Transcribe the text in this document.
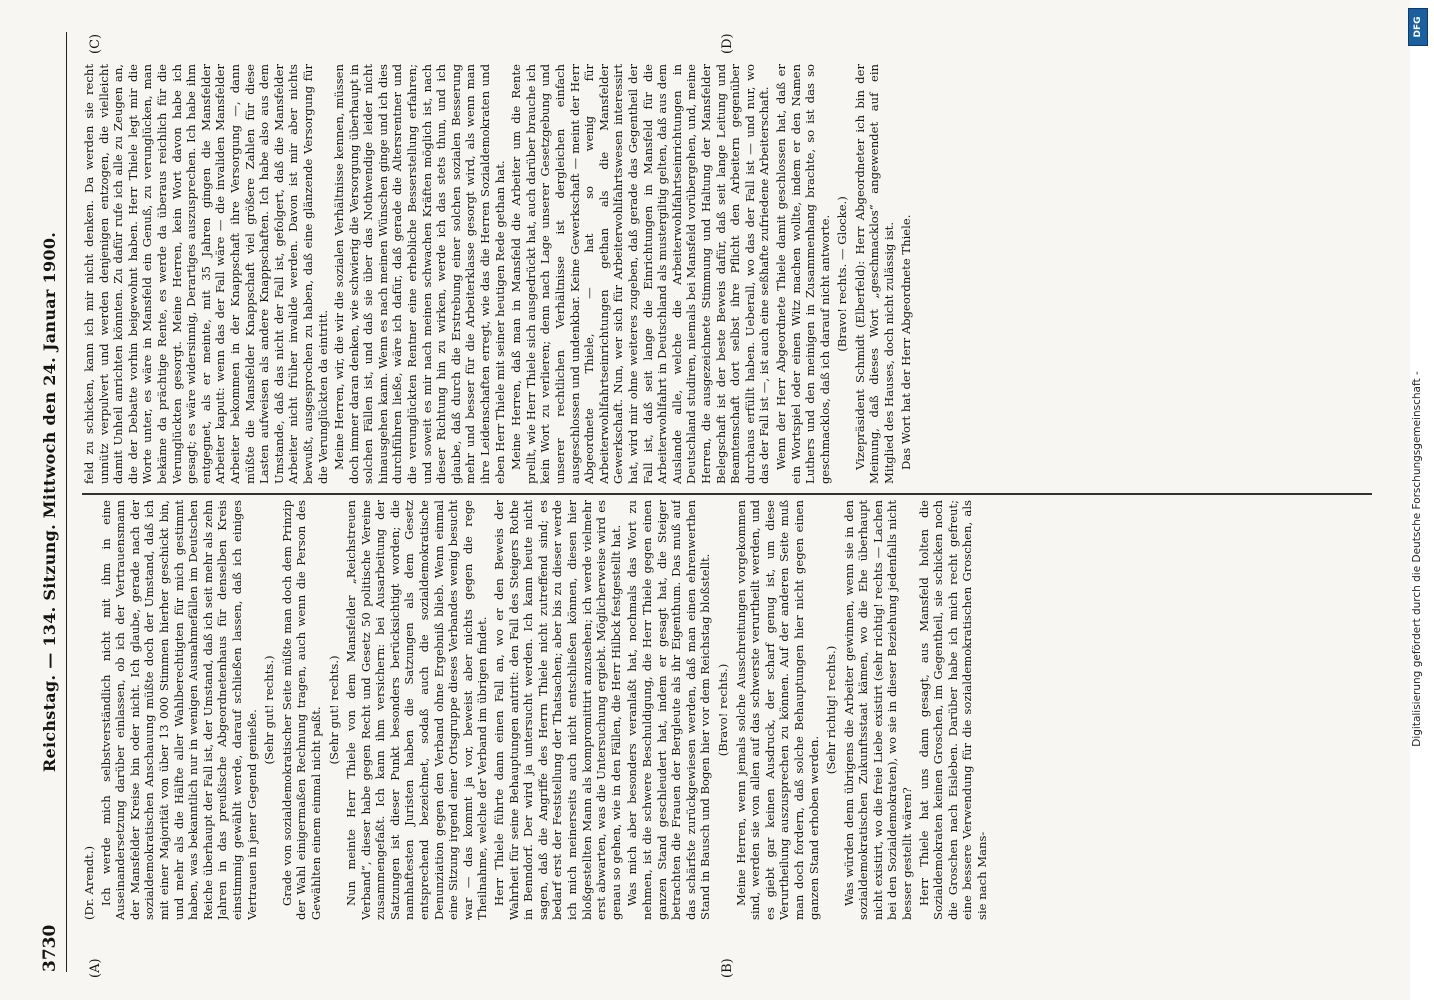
3730
Reichstag. — 134. Sitzung. Mittwoch den 24. Januar 1900.
(A)	(B)
(C)	(D)

(Dr. Arendt.) Ich werde mich selbstverständlich nicht mit ihm in eine Auseinandersetzung darüber einlassen, ob ich der Vertrauensmann der Mansfelder Kreise bin oder nicht. Ich glaube, gerade nach der sozialdemokratischen Anschauung müßte doch der Umstand, daß ich mit einer Majorität von über 13 000 Stimmen hierher geschickt bin, und mehr als die Hälfte aller Wahlberechtigten für mich gestimmt haben, was bekanntlich nur in wenigen Ausnahmefällen im Deutschen Reiche überhaupt der Fall ist, der Umstand, daß ich seit mehr als zehn Jahren in das preußische Abgeordnetenhaus für denselben Kreis einstimmig gewählt werde, darauf schließen lassen, daß ich einiges Vertrauen in jener Gegend genieße. (Sehr gut! rechts.) Grade von sozialdemokratischer Seite müßte man doch dem Prinzip der Wahl einigermaßen Rechnung tragen, auch wenn die Person des Gewählten einem einmal nicht paßt. (Sehr gut! rechts.) Nun meinte Herr Thiele von dem Mansfelder „Reichstreuen Verband“, dieser habe gegen Recht und Gesetz 50 politische Vereine zusammengefaßt. Ich kann ihm versichern: bei Ausarbeitung der Satzungen ist dieser Punkt besonders berücksichtigt worden; die namhaftesten Juristen haben die Satzungen als dem Gesetz entsprechend bezeichnet, sodaß auch die sozialdemokratische Denunziation gegen den Verband ohne Ergebniß blieb. Wenn einmal eine Sitzung irgend einer Ortsgruppe dieses Verbandes wenig besucht war — das kommt ja vor, beweist aber nichts gegen die rege Theilnahme, welche der Verband im übrigen findet. Herr Thiele führte dann einen Fall an, wo er den Beweis der Wahrheit für seine Behauptungen antritt: den Fall des Steigers Rothe in Benndorf. Der wird ja untersucht werden. Ich kann heute nicht sagen, daß die Angriffe des Herrn Thiele nicht zutreffend sind; es bedarf erst der Feststellung der Thatsachen; aber bis zu dieser werde ich mich meinerseits auch nicht entschließen können, diesen hier bloßgestellten Mann als kompromittirt anzusehen; ich werde vielmehr erst abwarten, was die Untersuchung ergiebt. Möglicherweise wird es genau so gehen, wie in den Fällen, die Herr Hilbck festgestellt hat. Was mich aber besonders veranlaßt hat, nochmals das Wort zu nehmen, ist die schwere Beschuldigung, die Herr Thiele gegen einen ganzen Stand geschleudert hat, indem er gesagt hat, die Steiger betrachten die Frauen der Bergleute als ihr Eigenthum. Das muß auf das schärfste zurückgewiesen werden, daß man einen ehrenwerthen Stand in Bausch und Bogen hier vor dem Reichstag bloßstellt. (Bravo! rechts.) Meine Herren, wenn jemals solche Ausschreitungen vorgekommen sind, werden sie von allen auf das schwerste verurtheilt werden, und es giebt gar keinen Ausdruck, der scharf genug ist, um diese Verurtheilung auszusprechen zu können. Auf der anderen Seite muß man doch fordern, daß solche Behauptungen hier nicht gegen einen ganzen Stand erhoben werden.

(Sehr richtig! rechts.) Was würden denn übrigens die Arbeiter gewinnen, wenn sie in den sozialdemokratischen Zukunftsstaat kämen, wo die Ehe überhaupt nicht existirt, wo die freie Liebe existirt (sehr richtig! rechts — Lachen bei den Sozialdemokraten), wo sie in dieser Beziehung jedenfalls nicht besser gestellt wären? Herr Thiele hat uns dann gesagt, aus Mansfeld holten die Sozialdemokraten keinen Groschen, im Gegentheil, sie schicken noch die Groschen nach Eisleben. Darüber habe ich mich recht gefreut; eine bessere Verwendung für die sozialdemokratischen Groschen, als sie nach Mans-

feld zu schicken, kann ich mir nicht denken. Da werden sie recht unnütz verpulvert und werden denjenigen entzogen, die vielleicht damit Unheil anrichten könnten. Zu dafür rufe ich alle zu Zeugen an, die der Debatte vorhin beigewohnt haben. Herr Thiele legt mir die Worte unter, es wäre in Mansfeld ein Genuß, zu verunglücken, man bekäme da prächtige Rente, es werde da überaus reichlich für die Verunglückten gesorgt. Meine Herren, kein Wort davon habe ich gesagt; es wäre widersinnig, Derartiges auszusprechen. Ich habe ihm entgegnet, als er meinte, mit 35 Jahren gingen die Mansfelder Arbeiter kaputt: wenn das der Fall wäre — die invaliden Mansfelder Arbeiter bekommen in der Knappschaft ihre Versorgung —, dann müßte die Mansfelder Knappschaft viel größere Zahlen für diese Lasten aufweisen als andere Knappschaften. Ich habe also aus dem Umstande, daß das nicht der Fall ist, gefolgert, daß die Mansfelder Arbeiter nicht früher invalide werden. Davon ist mir aber nichts bewußt, ausgesprochen zu haben, daß eine glänzende Versorgung für die Verunglückten da eintritt. Meine Herren, wir, die wir die sozialen Verhältnisse kennen, müssen doch immer daran denken, wie schwierig die Versorgung überhaupt in solchen Fällen ist, und daß sie über das Nothwendige leider nicht hinausgehen kann. Wenn es nach meinen Wünschen ginge und ich dies durchführen ließe, wäre ich dafür, daß gerade die Altersrentner und die verunglückten Rentner eine erhebliche Besserstellung erfahren; und soweit es mir nach meinen schwachen Kräften möglich ist, nach dieser Richtung hin zu wirken, werde ich das stets thun, und ich glaube, daß durch die Erstrebung einer solchen sozialen Besserung mehr und besser für die Arbeiterklasse gesorgt wird, als wenn man ihre Leidenschaften erregt, wie das die Herren Sozialdemokraten und eben Herr Thiele mit seiner heutigen Rede gethan hat. Meine Herren, daß man in Mansfeld die Arbeiter um die Rente prellt, wie Herr Thiele sich ausgedrückt hat, auch darüber brauche ich kein Wort zu verlieren; denn nach Lage unserer Gesetzgebung und unserer rechtlichen Verhältnisse ist dergleichen einfach ausgeschlossen und undenkbar. Keine Gewerkschaft — meint der Herr Abgeordnete Thiele, — hat so wenig für Arbeiterwohlfahrtseinrichtungen gethan als die Mansfelder Gewerkschaft. Nun, wer sich für Arbeiterwohlfahrtswesen interessirt hat, wird mir ohne weiteres zugeben, daß gerade das Gegentheil der Fall ist, daß seit lange die Einrichtungen in Mansfeld für die Arbeiterwohlfahrt in Deutschland als mustergiltig gelten, daß aus dem Auslande alle, welche die Arbeiterwohlfahrtseinrichtungen in Deutschland studiren, niemals bei Mansfeld vorübergehen, und, meine Herren, die ausgezeichnete Stimmung und Haltung der Mansfelder Belegschaft ist der beste Beweis dafür, daß seit lange Leitung und Beamtenschaft dort selbst ihre Pflicht den Arbeitern gegenüber durchaus erfüllt haben. Ueberall, wo das der Fall ist — und nur, wo das der Fall ist —, ist auch eine seßhafte zufriedene Arbeiterschaft. Wenn der Herr Abgeordnete Thiele damit geschlossen hat, daß er ein Wortspiel oder einen Witz machen wollte, indem er den Namen Luthers und den meinigen in Zusammenhang brachte, so ist das so geschmacklos, daß ich darauf nicht antworte. (Bravo! rechts. — Glocke.) Vizepräsident Schmidt (Elberfeld): Herr Abgeordneter ich bin der Meinung, daß dieses Wort „geschmacklos“ angewendet auf ein Mitglied des Hauses, doch nicht zulässig ist. Das Wort hat der Herr Abgeordnete Thiele.

DFG
Digitalisierung gefördert durch die Deutsche Forschungsgemeinschaft -
